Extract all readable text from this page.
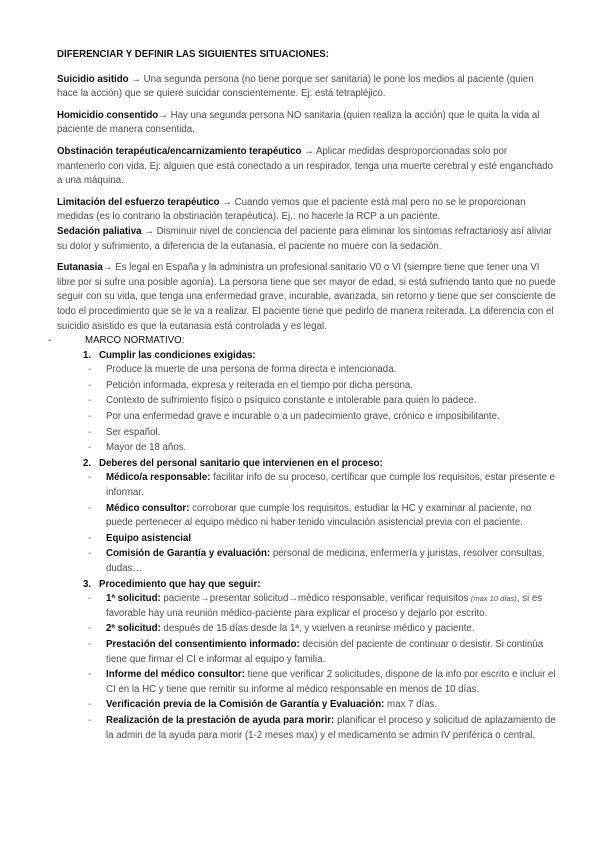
DIFERENCIAR Y DEFINIR LAS SIGUIENTES SITUACIONES:

Suicidio asitido → Una segunda persona (no tiene porque ser sanitaria) le pone los medios al paciente (quien hace la acción) que se quiere suicidar conscientemente. Ej: está tetrapléjico.

Homicidio consentido→ Hay una segunda persona NO sanitaria (quien realiza la acción) que le quita la vida al paciente de manera consentida.

Obstinación terapéutica/encarnizamiento terapéutico → Aplicar medidas desproporcionadas solo por mantenerlo con vida. Ej: alguien que está conectado a un respirador, tenga una muerte cerebral y esté enganchado a una máquina.

Limitación del esfuerzo terapéutico → Cuando vemos que el paciente está mal pero no se le proporcionan medidas (es lo contrario la obstinación terapéutica). Ej.: no hacerle la RCP a un paciente.

Sedación paliativa → Disminuir nivel de conciencia del paciente para eliminar los síntomas refractariosy así aliviar su dolor y sufrimiento, a diferencia de la eutanasia, el paciente no muere con la sedación.

Eutanasia→ Es legal en España y la administra un profesional sanitario V0 o VI (siempre tiene que tener una VI libre por si sufre una posible agonía). La persona tiene que ser mayor de edad, si está sufriendo tanto que no puede seguir con su vida, que tenga una enfermedad grave, incurable, avanzada, sin retorno y tiene que ser consciente de todo el procedimiento que se le va a realizar. El paciente tiene que pedirlo de manera reiterada. La diferencia con el suicidio asistido es que la eutanasia está controlada y es legal.

-	MARCO NORMATIVO:

1. Cumplir las condiciones exigidas:

- Produce la muerte de una persona de forma directa e intencionada.
- Petición informada, expresa y reiterada en el tiempo por dicha persona.
- Contexto de sufrimiento físico o psíquico constante e intolerable para quien lo padece.
- Por una enfermedad grave e incurable o a un padecimiento grave, crónico e imposibilitante.
- Ser español.
- Mayor de 18 años.

2. Deberes del personal sanitario que intervienen en el proceso:

- Médico/a responsable: facilitar info de su proceso, certificar que cumple los requisitos, estar presente e informar.
- Médico consultor: corroborar que cumple los requisitos, estudiar la HC y examinar al paciente, no puede pertenecer al equipo médico ni haber tenido vinculación asistencial previa con el paciente.
- Equipo asistencial
- Comisión de Garantía y evaluación: personal de medicina, enfermería y juristas, resolver consultas, dudas…

3. Procedimiento que hay que seguir:

- 1ª solicitud: paciente→presentar solicitud→médico responsable, verificar requisitos (max 10 días), si es favorable hay una reunión médico-paciente para explicar el proceso y dejarlo por escrito.
- 2ª solicitud: después de 15 días desde la 1ª, y vuelven a reunirse médico y paciente.
- Prestación del consentimiento informado: decisión del paciente de continuar o desistir. Si continúa tiene que firmar el CI e informar al equipo y familia.
- Informe del médico consultor: tiene que verificar 2 solicitudes, dispone de la info por escrito e incluir el CI en la HC y tiene que remitir su informe al médico responsable en menos de 10 días.
- Verificación previa de la Comisión de Garantía y Evaluación: max 7 días.
- Realización de la prestación de ayuda para morir: planificar el proceso y solicitud de aplazamiento de la admin de la ayuda para morir (1-2 meses max) y el medicamento se admin IV periférica o central.
